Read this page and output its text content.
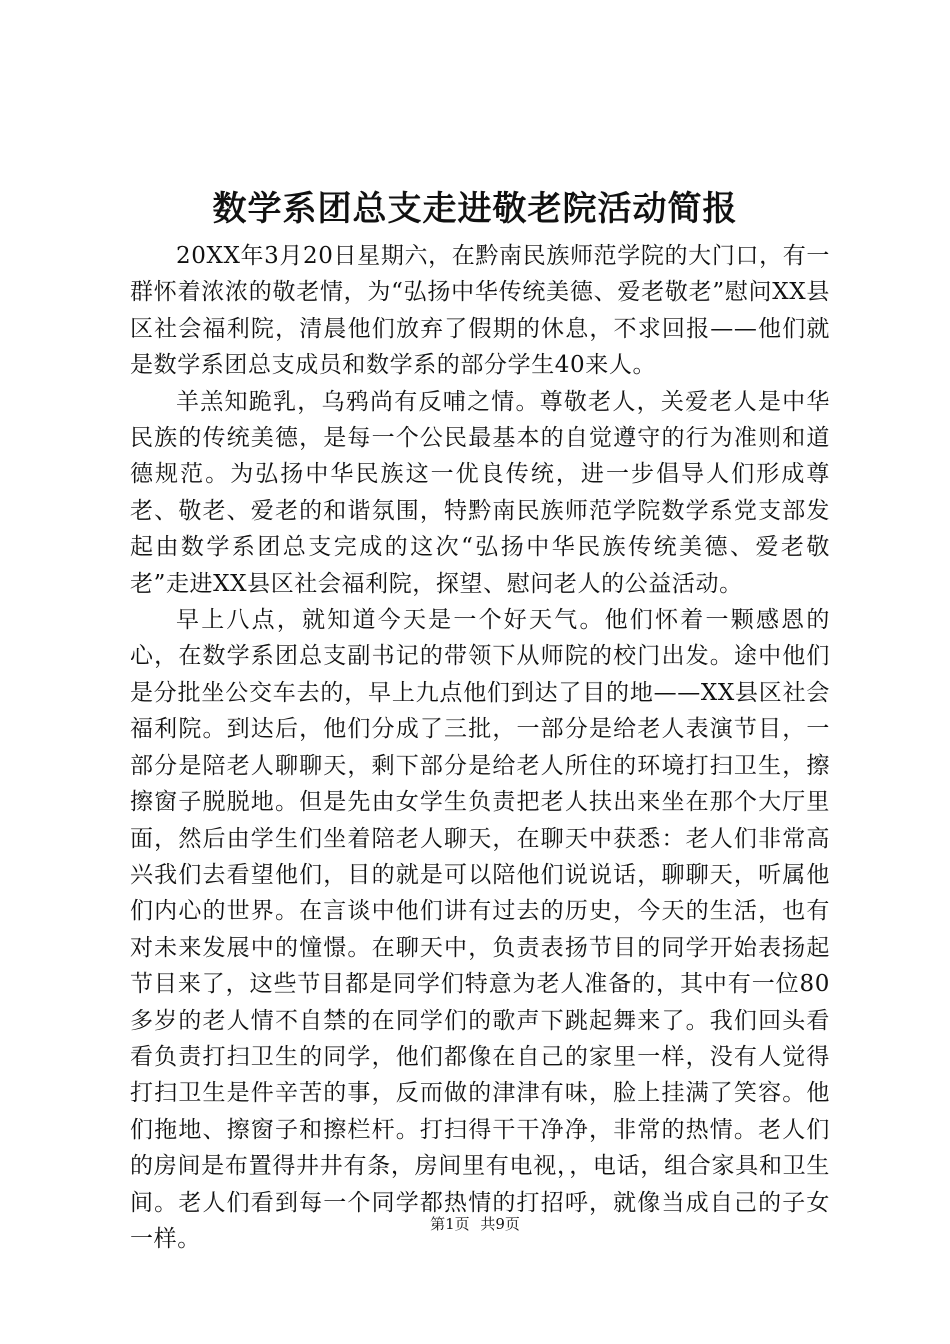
数学系团总支走进敬老院活动简报

20XX年3月20日星期六，在黔南民族师范学院的大门口，有一群怀着浓浓的敬老情，为“弘扬中华传统美德、爱老敬老”慰问XX县区社会福利院，清晨他们放弃了假期的休息，不求回报——他们就是数学系团总支成员和数学系的部分学生40来人。

羊羔知跪乳，乌鸦尚有反哺之情。尊敬老人，关爱老人是中华民族的传统美德，是每一个公民最基本的自觉遵守的行为准则和道德规范。为弘扬中华民族这一优良传统，进一步倡导人们形成尊老、敬老、爱老的和谐氛围，特黔南民族师范学院数学系党支部发起由数学系团总支完成的这次“弘扬中华民族传统美德、爱老敬老”走进XX县区社会福利院，探望、慰问老人的公益活动。

早上八点，就知道今天是一个好天气。他们怀着一颗感恩的心，在数学系团总支副书记的带领下从师院的校门出发。途中他们是分批坐公交车去的，早上九点他们到达了目的地——XX县区社会福利院。到达后，他们分成了三批，一部分是给老人表演节目，一部分是陪老人聊聊天，剩下部分是给老人所住的环境打扫卫生，擦擦窗子脱脱地。但是先由女学生负责把老人扶出来坐在那个大厅里面，然后由学生们坐着陪老人聊天，在聊天中获悉：老人们非常高兴我们去看望他们，目的就是可以陪他们说说话，聊聊天，听属他们内心的世界。在言谈中他们讲有过去的历史，今天的生活，也有对未来发展中的憧憬。在聊天中，负责表扬节目的同学开始表扬起节目来了，这些节目都是同学们特意为老人准备的，其中有一位80多岁的老人情不自禁的在同学们的歌声下跳起舞来了。我们回头看看负责打扫卫生的同学，他们都像在自己的家里一样，没有人觉得打扫卫生是件辛苦的事，反而做的津津有味，脸上挂满了笑容。他们拖地、擦窗子和擦栏杆。打扫得干干净净，非常的热情。老人们的房间是布置得井井有条，房间里有电视，，电话，组合家具和卫生间。老人们看到每一个同学都热情的打招呼，就像当成自己的子女一样。

第1页 共9页
